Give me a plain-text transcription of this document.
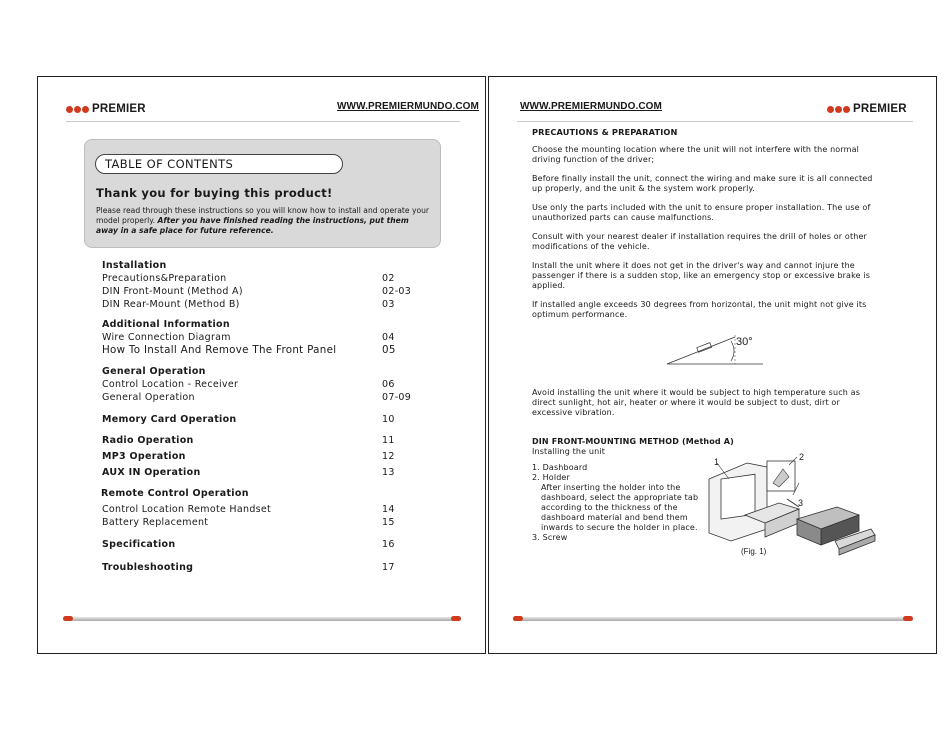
PREMIER	WWW.PREMIERMUNDO.COM
TABLE OF CONTENTS
Thank you for buying this product!
Please read through these instructions so you will know how to install and operate your model properly. After you have finished reading the instructions, put them away in a safe place for future reference.
Installation
Precautions&Preparation	02
DIN Front-Mount (Method A)	02-03
DIN Rear-Mount (Method B)	03
Additional Information
Wire Connection Diagram	04
How To Install And Remove The Front Panel	05
General Operation
Control Location - Receiver	06
General Operation	07-09
Memory Card Operation	10
Radio Operation	11
MP3 Operation	12
AUX IN Operation	13
Remote Control Operation
Control Location Remote Handset	14
Battery Replacement	15
Specification	16
Troubleshooting	17
WWW.PREMIERMUNDO.COM	PREMIER
PRECAUTIONS & PREPARATION

Choose the mounting location where the unit will not interfere with the normal driving function of the driver;

Before finally install the unit, connect the wiring and make sure it is all connected up properly, and the unit & the system work properly.

Use only the parts included with the unit to ensure proper installation. The use of unauthorized parts can cause malfunctions.

Consult with your nearest dealer if installation requires the drill of holes or other modifications of the vehicle.

Install the unit where it does not get in the driver's way and cannot injure the passenger if there is a sudden stop, like an emergency stop or excessive brake is applied.

If installed angle exceeds 30 degrees from horizontal, the unit might not give its optimum performance.

30°
Avoid installing the unit where it would be subject to high temperature such as direct sunlight, hot air, heater or where it would be subject to dust, dirt or excessive vibration.
DIN FRONT-MOUNTING METHOD (Method A)
Installing the unit
1. Dashboard
2. Holder
After inserting the holder into the dashboard, select the appropriate tab according to the thickness of the dashboard material and bend them inwards to secure the holder in place.
3. Screw
1	2
3
(Fig. 1)
